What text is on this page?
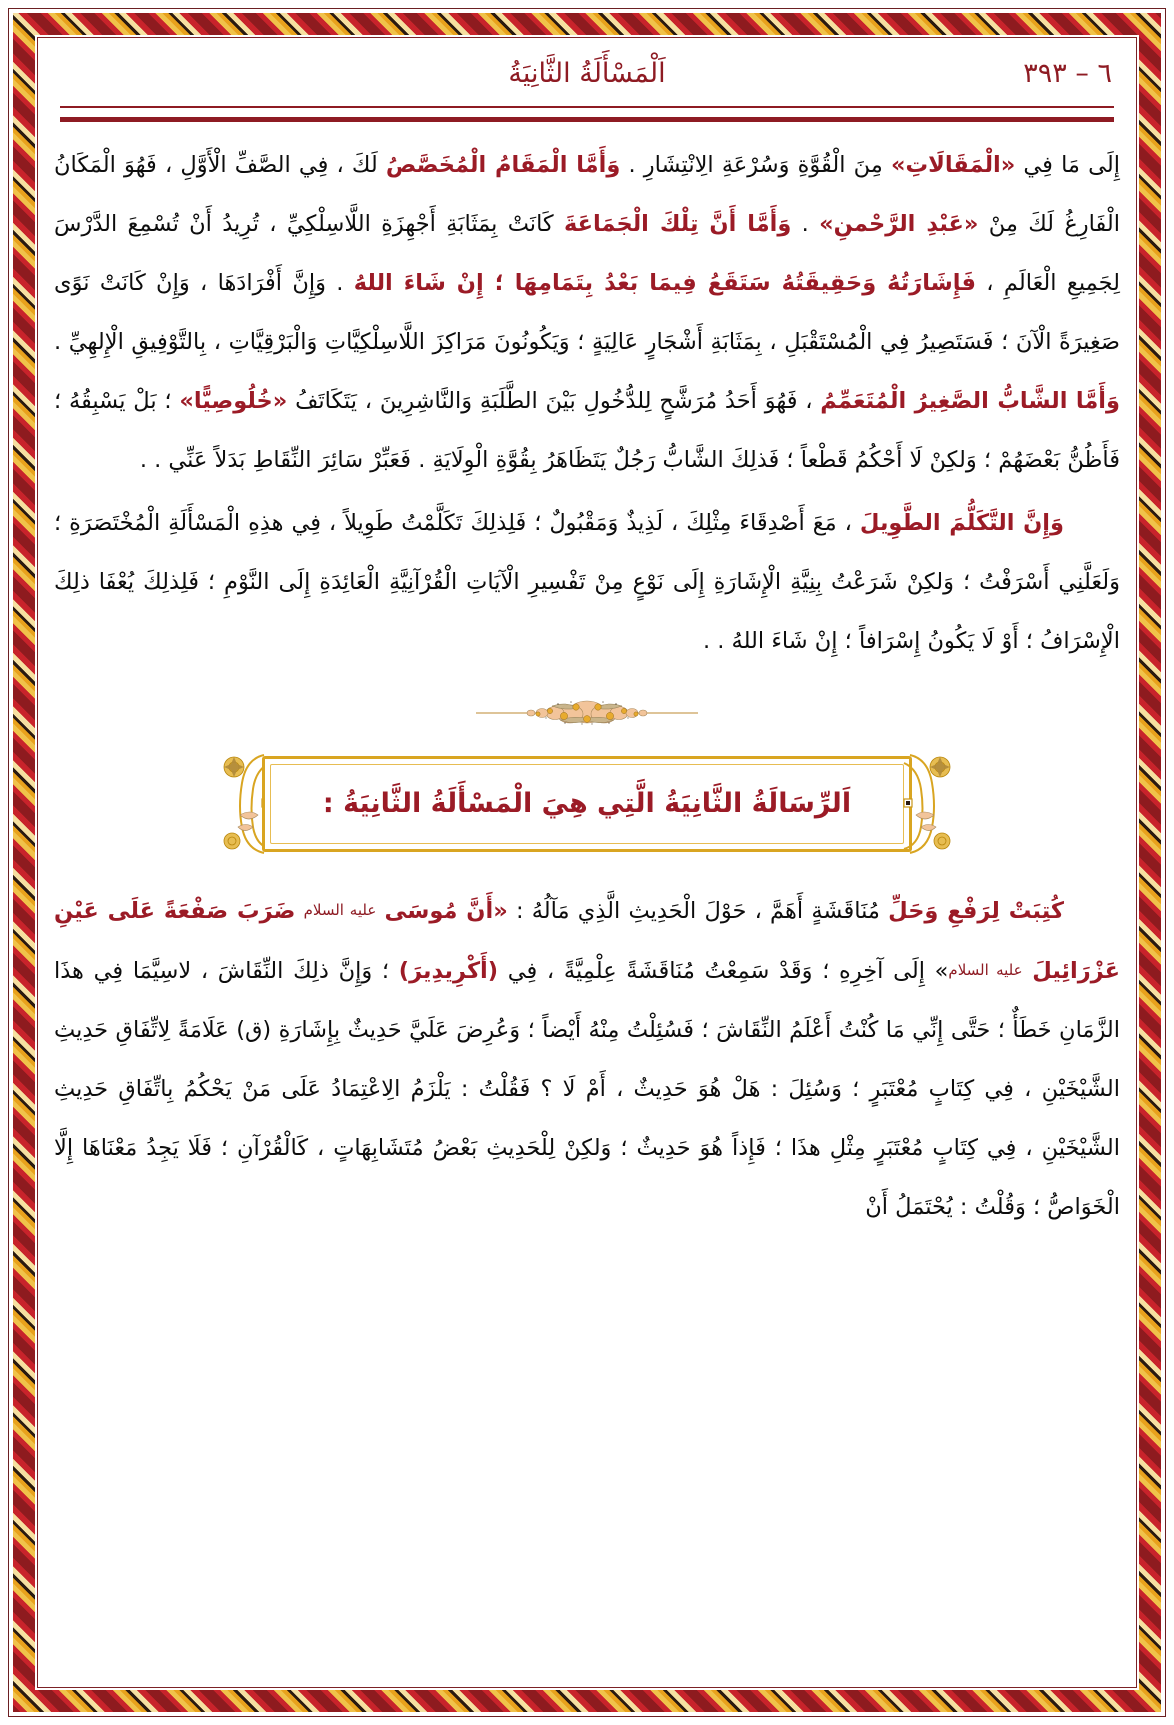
٦ – ٣٩٣
اَلْمَسْأَلَةُ الثَّانِيَةُ

إِلَى مَا فِي «الْمَقَالَاتِ» مِنَ الْقُوَّةِ وَسُرْعَةِ الِانْتِشَارِ . وَأَمَّا الْمَقَامُ الْمُخَصَّصُ لَكَ ، فِي الصَّفِّ الْأَوَّلِ ، فَهُوَ الْمَكَانُ الْفَارِغُ لَكَ مِنْ «عَبْدِ الرَّحْمنِ» . وَأَمَّا أَنَّ تِلْكَ الْجَمَاعَةَ كَانَتْ بِمَثَابَةِ أَجْهِزَةِ اللَّاسِلْكِيِّ ، تُرِيدُ أَنْ تُسْمِعَ الدَّرْسَ لِجَمِيعِ الْعَالَمِ ، فَإِشَارَتُهُ وَحَقِيقَتُهُ سَتَقَعُ فِيمَا بَعْدُ بِتَمَامِهَا ؛ إِنْ شَاءَ اللهُ . وَإِنَّ أَفْرَادَهَا ، وَإِنْ كَانَتْ نَوًى صَغِيرَةً الْآنَ ؛ فَسَتَصِيرُ فِي الْمُسْتَقْبَلِ ، بِمَثَابَةِ أَشْجَارٍ عَالِيَةٍ ؛ وَيَكُونُونَ مَرَاكِزَ اللَّاسِلْكِيَّاتِ وَالْبَرْقِيَّاتِ ، بِالتَّوْفِيقِ الْإِلهِيِّ . وَأَمَّا الشَّابُّ الصَّغِيرُ الْمُتَعَمِّمُ ، فَهُوَ أَحَدُ مُرَشَّحٍ لِلدُّخُولِ بَيْنَ الطَّلَبَةِ وَالنَّاشِرِينَ ، يَتَكَاتَفُ «خُلُوصِيًّا» ؛ بَلْ يَسْبِقُهُ ؛ فَأَظُنُّ بَعْضَهُمْ ؛ وَلكِنْ لَا أَحْكُمُ قَطْعاً ؛ فَذلِكَ الشَّابُّ رَجُلٌ يَتَظَاهَرُ بِقُوَّةِ الْوِلَايَةِ . فَعَبِّرْ سَائِرَ النِّقَاطِ بَدَلاً عَنِّي . .

وَإِنَّ التَّكَلُّمَ الطَّوِيلَ ، مَعَ أَصْدِقَاءَ مِثْلِكَ ، لَذِيذٌ وَمَقْبُولٌ ؛ فَلِذلِكَ تَكَلَّمْتُ طَوِيلاً ، فِي هذِهِ الْمَسْأَلَةِ الْمُخْتَصَرَةِ ؛ وَلَعَلَّنِي أَسْرَفْتُ ؛ وَلكِنْ شَرَعْتُ بِنِيَّةِ الْإِشَارَةِ إِلَى نَوْعٍ مِنْ تَفْسِيرِ الْآيَاتِ الْقُرْآنِيَّةِ الْعَائِدَةِ إِلَى النَّوْمِ ؛ فَلِذلِكَ يُعْفَا ذلِكَ الْإِسْرَافُ ؛ أَوْ لَا يَكُونُ إِسْرَافاً ؛ إِنْ شَاءَ اللهُ . .

اَلرِّسَالَةُ الثَّانِيَةُ الَّتِي هِيَ الْمَسْأَلَةُ الثَّانِيَةُ :

كُتِبَتْ لِرَفْعِ وَحَلِّ مُنَاقَشَةٍ أَهَمَّ ، حَوْلَ الْحَدِيثِ الَّذِي مَآلُهُ : «أَنَّ مُوسَى عليه السلام ضَرَبَ صَفْعَةً عَلَى عَيْنِ عَزْرَائِيلَ عليه السلام» إِلَى آخِرِهِ ؛ وَقَدْ سَمِعْتُ مُنَاقَشَةً عِلْمِيَّةً ، فِي (أَكْرِيدِيرَ) ؛ وَإِنَّ ذلِكَ النِّقَاشَ ، لاسِيَّمَا فِي هذَا الزَّمَانِ خَطَأٌ ؛ حَتَّى إِنِّي مَا كُنْتُ أَعْلَمُ النِّقَاشَ ؛ فَسُئِلْتُ مِنْهُ أَيْضاً ؛ وَعُرِضَ عَلَيَّ حَدِيثٌ بِإِشَارَةِ (ق) عَلَامَةً لِاتِّفَاقِ حَدِيثِ الشَّيْخَيْنِ ، فِي كِتَابٍ مُعْتَبَرٍ ؛ وَسُئِلَ : هَلْ هُوَ حَدِيثٌ ، أَمْ لَا ؟ فَقُلْتُ : يَلْزَمُ الِاعْتِمَادُ عَلَى مَنْ يَحْكُمُ بِاتِّفَاقِ حَدِيثِ الشَّيْخَيْنِ ، فِي كِتَابٍ مُعْتَبَرٍ مِثْلِ هذَا ؛ فَإِذاً هُوَ حَدِيثٌ ؛ وَلكِنْ لِلْحَدِيثِ بَعْضُ مُتَشَابِهَاتٍ ، كَالْقُرْآنِ ؛ فَلَا يَجِدُ مَعْنَاهَا إِلَّا الْخَوَاصُّ ؛ وَقُلْتُ : يُحْتَمَلُ أَنْ
